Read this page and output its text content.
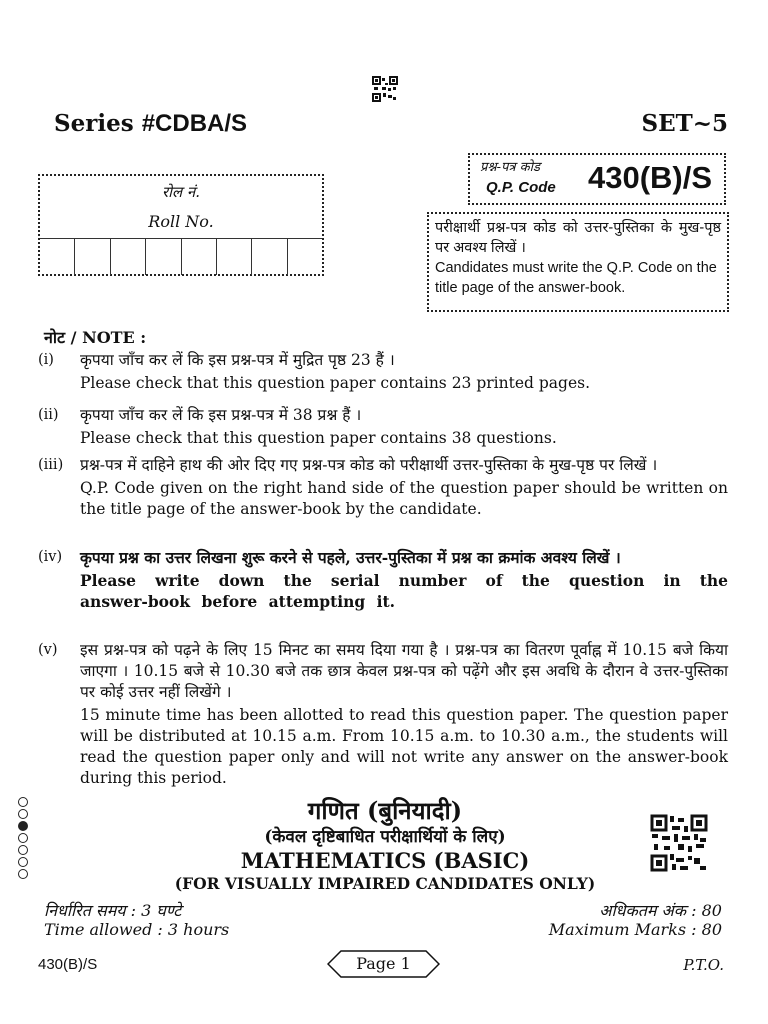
Series #CDBA/S	SET~5
प्रश्न-पत्र कोड
Q.P. Code 430(B)/S
रोल नं.
Roll No.	परीक्षार्थी प्रश्न-पत्र कोड को उत्तर-पुस्तिका के मुख-पृष्ठ पर अवश्य लिखें ।
Candidates must write the Q.P. Code on the title page of the answer-book.
नोट / NOTE :
(i) कृपया जाँच कर लें कि इस प्रश्न-पत्र में मुद्रित पृष्ठ 23 हैं ।

Please check that this question paper contains 23 printed pages.

(ii) कृपया जाँच कर लें कि इस प्रश्न-पत्र में 38 प्रश्न हैं ।

Please check that this question paper contains 38 questions.

(iii) प्रश्न-पत्र में दाहिने हाथ की ओर दिए गए प्रश्न-पत्र कोड को परीक्षार्थी उत्तर-पुस्तिका के मुख-पृष्ठ पर लिखें ।

Q.P. Code given on the right hand side of the question paper should be written on the title page of the answer-book by the candidate.

(iv) कृपया प्रश्न का उत्तर लिखना शुरू करने से पहले, उत्तर-पुस्तिका में प्रश्न का क्रमांक अवश्य लिखें ।

Please write down the serial number of the question in the answer-book before attempting it.

(v) इस प्रश्न-पत्र को पढ़ने के लिए 15 मिनट का समय दिया गया है । प्रश्न-पत्र का वितरण पूर्वाह्न में 10.15 बजे किया जाएगा । 10.15 बजे से 10.30 बजे तक छात्र केवल प्रश्न-पत्र को पढ़ेंगे और इस अवधि के दौरान वे उत्तर-पुस्तिका पर कोई उत्तर नहीं लिखेंगे ।

15 minute time has been allotted to read this question paper. The question paper will be distributed at 10.15 a.m. From 10.15 a.m. to 10.30 a.m., the students will read the question paper only and will not write any answer on the answer-book during this period.

गणित (बुनियादी)
(केवल दृष्टिबाधित परीक्षार्थियों के लिए)
MATHEMATICS (BASIC)
(FOR VISUALLY IMPAIRED CANDIDATES ONLY)
निर्धारित समय : 3 घण्टे	अधिकतम अंक : 80
Time allowed : 3 hours	Maximum Marks : 80
430(B)/S	Page 1	P.T.O.
